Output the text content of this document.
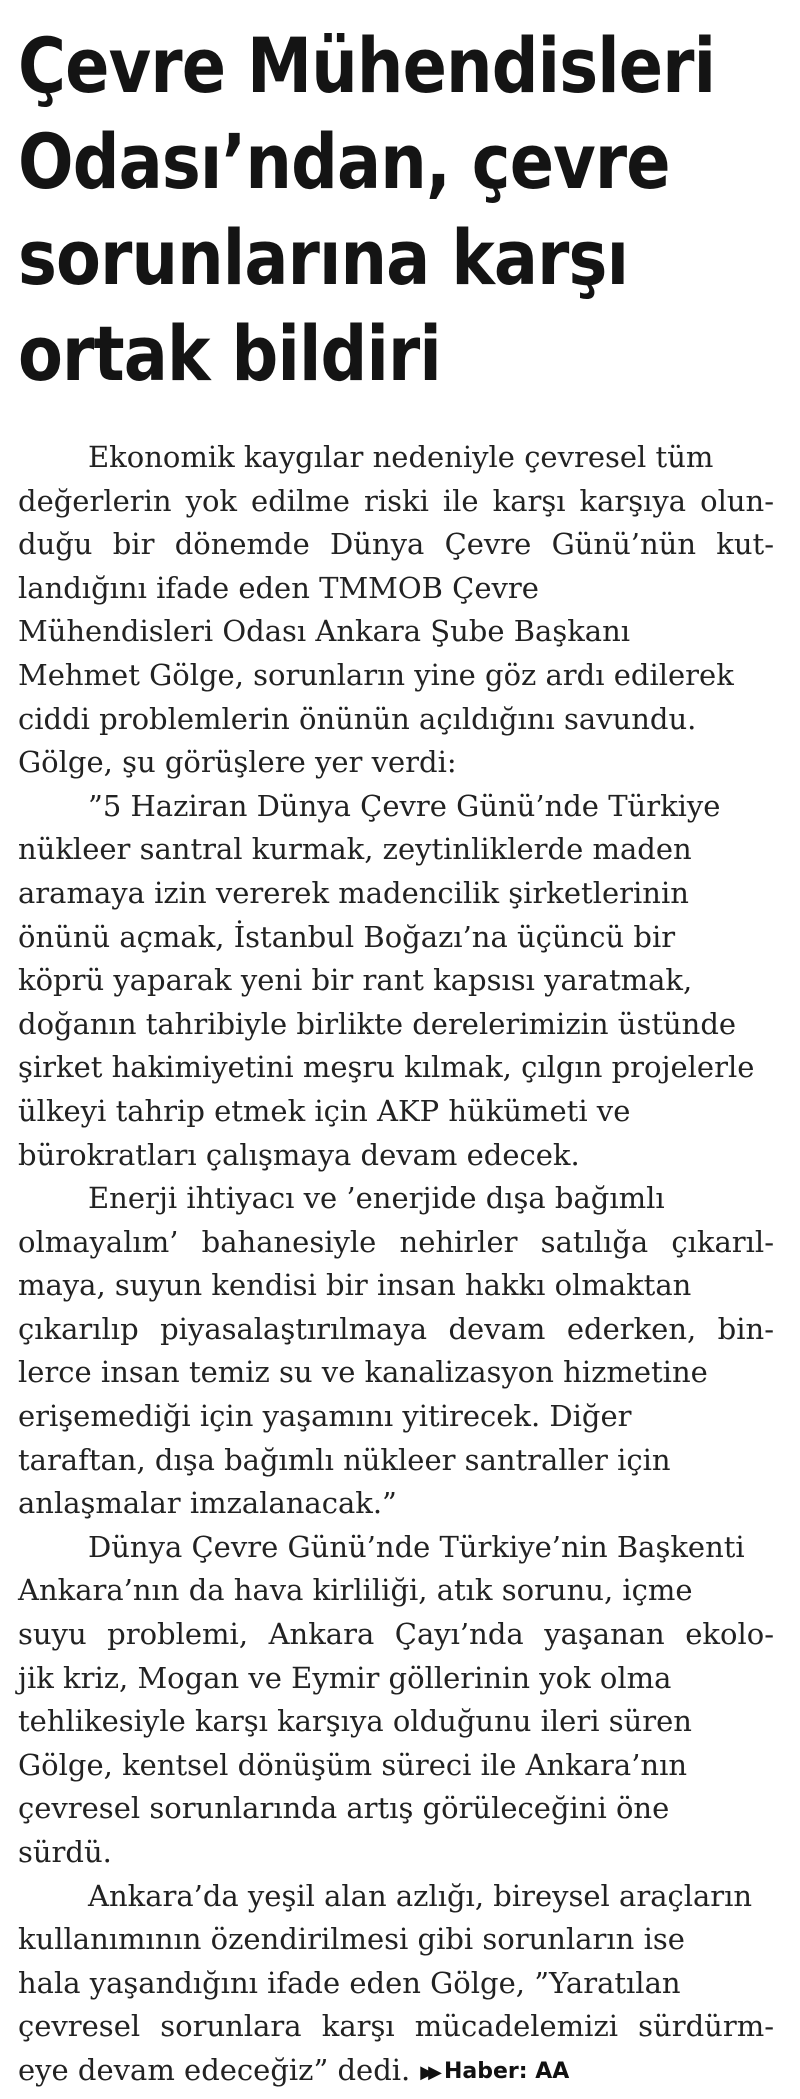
Çevre Mühendisleri
Odası’ndan, çevre
sorunlarına karşı
ortak bildiri
Ekonomik kaygılar nedeniyle çevresel tüm
değerlerin yok edilme riski ile karşı karşıya olun-
duğu bir dönemde Dünya Çevre Günü’nün kut-
landığını ifade eden TMMOB Çevre
Mühendisleri Odası Ankara Şube Başkanı
Mehmet Gölge, sorunların yine göz ardı edilerek
ciddi problemlerin önünün açıldığını savundu.
Gölge, şu görüşlere yer verdi:
”5 Haziran Dünya Çevre Günü’nde Türkiye
nükleer santral kurmak, zeytinliklerde maden
aramaya izin vererek madencilik şirketlerinin
önünü açmak, İstanbul Boğazı’na üçüncü bir
köprü yaparak yeni bir rant kapsısı yaratmak,
doğanın tahribiyle birlikte derelerimizin üstünde
şirket hakimiyetini meşru kılmak, çılgın projelerle
ülkeyi tahrip etmek için AKP hükümeti ve
bürokratları çalışmaya devam edecek.
Enerji ihtiyacı ve ’enerjide dışa bağımlı
olmayalım’ bahanesiyle nehirler satılığa çıkarıl-
maya, suyun kendisi bir insan hakkı olmaktan
çıkarılıp piyasalaştırılmaya devam ederken, bin-
lerce insan temiz su ve kanalizasyon hizmetine
erişemediği için yaşamını yitirecek. Diğer
taraftan, dışa bağımlı nükleer santraller için
anlaşmalar imzalanacak.”
Dünya Çevre Günü’nde Türkiye’nin Başkenti
Ankara’nın da hava kirliliği, atık sorunu, içme
suyu problemi, Ankara Çayı’nda yaşanan ekolo-
jik kriz, Mogan ve Eymir göllerinin yok olma
tehlikesiyle karşı karşıya olduğunu ileri süren
Gölge, kentsel dönüşüm süreci ile Ankara’nın
çevresel sorunlarında artış görüleceğini öne
sürdü.
Ankara’da yeşil alan azlığı, bireysel araçların
kullanımının özendirilmesi gibi sorunların ise
hala yaşandığını ifade eden Gölge, ”Yaratılan
çevresel sorunlara karşı mücadelemizi sürdürm-
eye devam edeceğiz” dedi. ▶▶ Haber: AA
